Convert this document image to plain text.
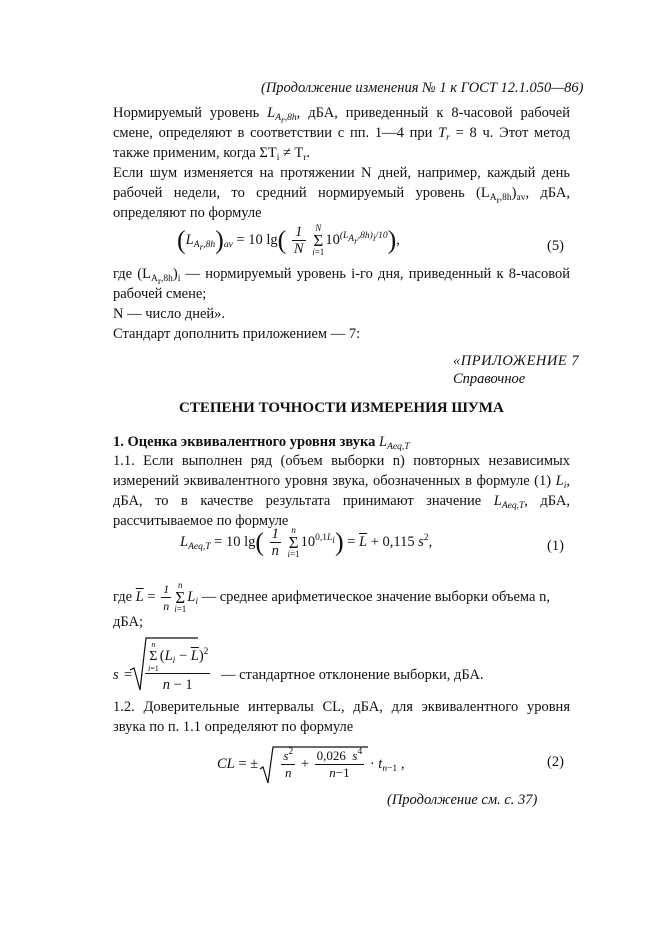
(Продолжение изменения № 1 к ГОСТ 12.1.050—86)
Нормируемый уровень $L_{A_r,8h}$, дБА, приведенный к 8-часовой рабочей смене, определяют в соответствии с пп. 1—4 при $T_r = 8$ ч. Этот метод также применим, когда $\Sigma T_i \ne T_r$.
Если шум изменяется на протяжении N дней, например, каждый день рабочей недели, то средний нормируемый уровень $(L_{A_r,8h})_{av}$, дБА, определяют по формуле
$(L_{A_r,8h})_{av} = 10$ $\lg( \frac{1}{N}$ N
Σ
$i=110^{(L_{A_r},8h)_i/10}$),	(5)
где $(L_{A_r,8h})_i$ — нормируемый уровень i-го дня, приведенный к 8-часовой рабочей смене;
N — число дней».
Стандарт дополнить приложением — 7:
«ПРИЛОЖЕНИЕ 7
Справочное
СТЕПЕНИ ТОЧНОСТИ ИЗМЕРЕНИЯ ШУМА
1. Оценка эквивалентного уровня звука $L_{Aeq,T}$
1.1. Если выполнен ряд (объем выборки n) повторных независимых измерений эквивалентного уровня звука, обозначенных в формуле (1) $L_i$, дБА, то в качестве результата принимают значение $L_{Aeq,T}$, дБА, рассчитываемое по формуле
$L_{Aeq,T} = 10$ $\lg( \frac{1}{n}$ n
Σ
$i=110^{0,1L_i}) = \overline{L} + 0,115$ $s^2$,	(1)
где $\overline{L} = \frac{1}{n}$ n
Σ
$i=1L_i$ — среднее арифметическое значение выборки объема n,
дБА;
s =
n
Σ
$i=1(L_i - \overline{L})^2$
n − 1
— стандартное отклонение выборки, дБА.
1.2. Доверительные интервалы CL, дБА, для эквивалентного уровня звука по п. 1.1 определяют по формуле
CL = ± $\frac{s^2}{n} + \frac{0,026 s^4}{n-1} \cdot t_{n-1}$ ,	(2)
(Продолжение см. с. 37)
